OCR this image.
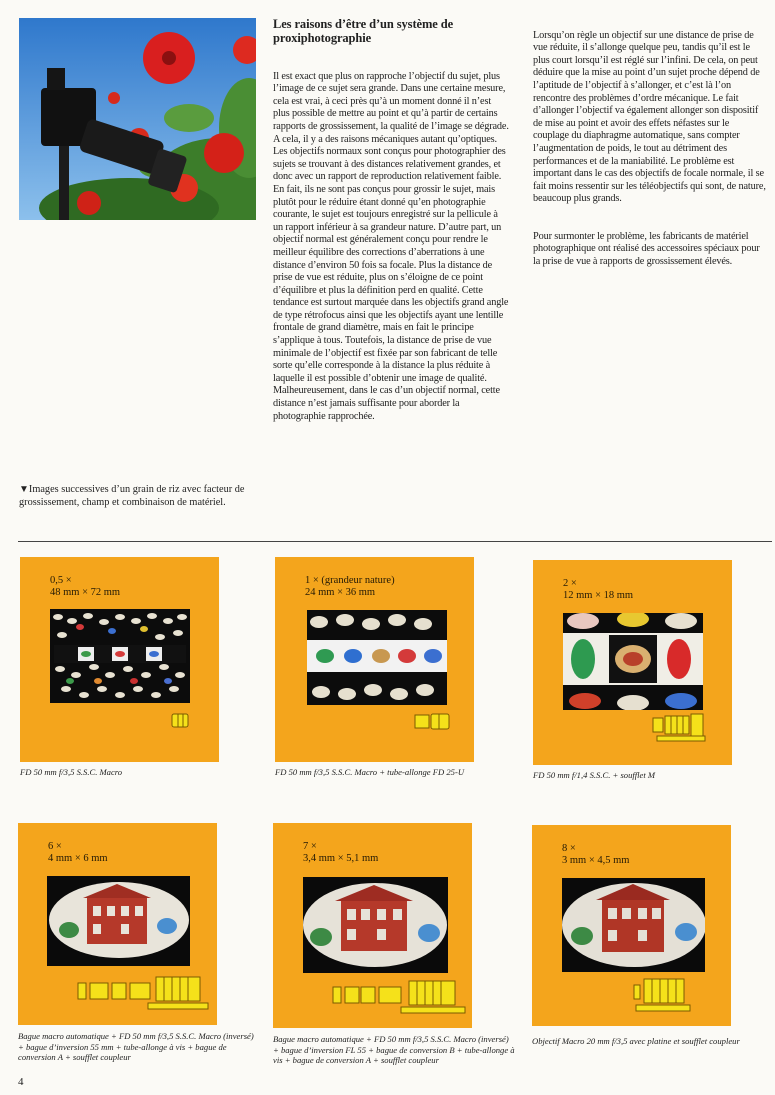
Les raisons d’être d’un système de proxiphotographie

Il est exact que plus on rapproche l’objectif du sujet, plus l’image de ce sujet sera grande. Dans une certaine mesure, cela est vrai, à ceci près qu’à un moment donné il n’est plus possible de mettre au point et qu’à partir de certains rapports de grossissement, la qualité de l’image se dégrade. A cela, il y a des raisons mécaniques autant qu’optiques.
Les objectifs normaux sont conçus pour photographier des sujets se trouvant à des distances relativement grandes, et donc avec un rapport de reproduction relativement faible. En fait, ils ne sont pas conçus pour grossir le sujet, mais plutôt pour le réduire étant donné qu’en photographie courante, le sujet est toujours enregistré sur la pellicule à un rapport inférieur à sa grandeur nature. D’autre part, un objectif normal est généralement conçu pour rendre le meilleur équilibre des corrections d’aberrations à une distance d’environ 50 fois sa focale. Plus la distance de prise de vue est réduite, plus on s’éloigne de ce point d’équilibre et plus la définition perd en qualité. Cette tendance est surtout marquée dans les objectifs grand angle de type rétrofocus ainsi que les objectifs ayant une lentille frontale de grand diamètre, mais en fait le principe s’applique à tous. Toutefois, la distance de prise de vue minimale de l’objectif est fixée par son fabricant de telle sorte qu’elle corresponde à la distance la plus réduite à laquelle il est possible d’obtenir une image de qualité. Malheureusement, dans le cas d’un objectif normal, cette distance n’est jamais suffisante pour aborder la photographie rapprochée.

Lorsqu’on règle un objectif sur une distance de prise de vue réduite, il s’allonge quelque peu, tandis qu’il est le plus court lorsqu’il est réglé sur l’infini. De cela, on peut déduire que la mise au point d’un sujet proche dépend de l’aptitude de l’objectif à s’allonger, et c’est là l’on rencontre des problèmes d’ordre mécanique. Le fait d’allonger l’objectif va également allonger son dispositif de mise au point et avoir des effets néfastes sur le couplage du diaphragme automatique, sans compter l’augmentation de poids, le tout au détriment des performances et de la maniabilité. Le problème est important dans le cas des objectifs de focale normale, il se fait moins ressentir sur les téléobjectifs qui sont, de nature, beaucoup plus grands.

Pour surmonter le problème, les fabricants de matériel photographique ont réalisé des accessoires spéciaux pour la prise de vue à rapports de grossissement élevés.

▼Images successives d’un grain de riz avec facteur de grossissement, champ et combinaison de matériel.
0,5 ×
48 mm × 72 mm
FD 50 mm f/3,5 S.S.C. Macro
1 × (grandeur nature)
24 mm × 36 mm
FD 50 mm f/3,5 S.S.C. Macro + tube-allonge FD 25-U
2 ×
12 mm × 18 mm
FD 50 mm f/1,4 S.S.C. + soufflet M
6 ×
4 mm × 6 mm
Bague macro automatique + FD 50 mm f/3,5 S.S.C. Macro (inversé) + bague d’inversion 55 mm + tube-allonge à vis + bague de conversion A + soufflet coupleur
7 ×
3,4 mm × 5,1 mm
Bague macro automatique + FD 50 mm f/3,5 S.S.C. Macro (inversé) + bague d’inversion FL 55 + bague de conversion B + tube-allonge à vis + bague de conversion A + soufflet coupleur
8 ×
3 mm × 4,5 mm
Objectif Macro 20 mm f/3,5 avec platine et soufflet coupleur
4
